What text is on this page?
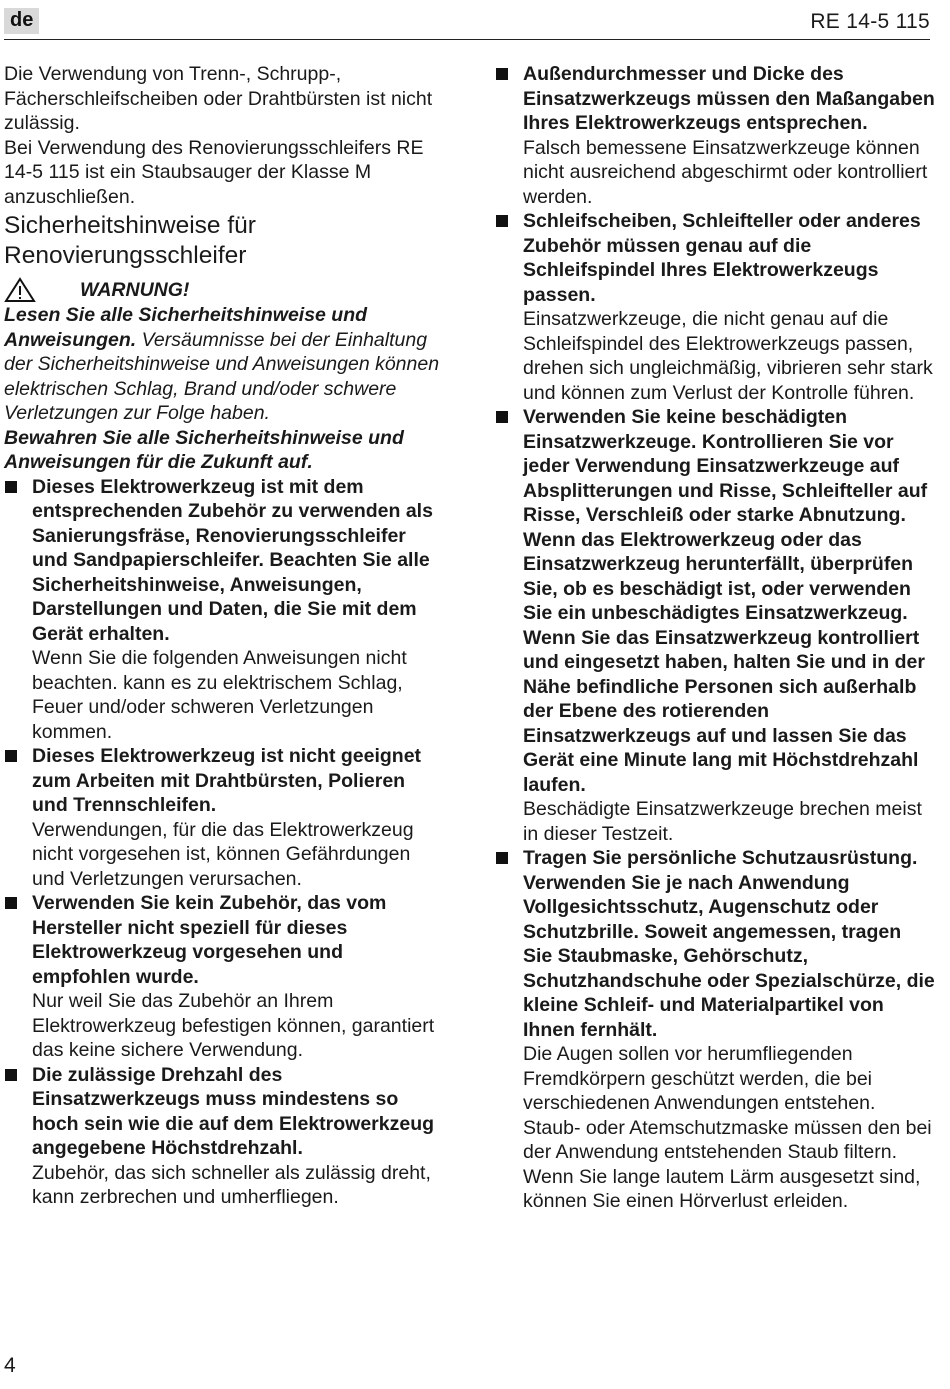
de	RE 14-5 115

Die Verwendung von Trenn-, Schrupp-, Fächerschleifscheiben oder Drahtbürsten ist nicht zulässig.

Bei Verwendung des Renovierungsschleifers RE 14-5 115 ist ein Staubsauger der Klasse M anzuschließen.

Sicherheitshinweise für Renovierungsschleifer
WARNUNG!

Lesen Sie alle Sicherheitshinweise und Anweisungen. Versäumnisse bei der Einhaltung der Sicherheitshinweise und Anweisungen können elektrischen Schlag, Brand und/oder schwere Verletzungen zur Folge haben.

Bewahren Sie alle Sicherheitshinweise und Anweisungen für die Zukunft auf.

Dieses Elektrowerkzeug ist mit dem entsprechenden Zubehör zu verwenden als Sanierungsfräse, Renovierungsschleifer und Sandpapierschleifer. Beachten Sie alle Sicherheitshinweise, Anweisungen, Darstellungen und Daten, die Sie mit dem Gerät erhalten.

Wenn Sie die folgenden Anweisungen nicht beachten. kann es zu elektrischem Schlag, Feuer und/oder schweren Verletzungen kommen.

Dieses Elektrowerkzeug ist nicht geeignet zum Arbeiten mit Drahtbürsten, Polieren und Trennschleifen.

Verwendungen, für die das Elektrowerkzeug nicht vorgesehen ist, können Gefährdungen und Verletzungen verursachen.

Verwenden Sie kein Zubehör, das vom Hersteller nicht speziell für dieses Elektrowerkzeug vorgesehen und empfohlen wurde.

Nur weil Sie das Zubehör an Ihrem Elektrowerkzeug befestigen können, garantiert das keine sichere Verwendung.

Die zulässige Drehzahl des Einsatzwerkzeugs muss mindestens so hoch sein wie die auf dem Elektrowerkzeug angegebene Höchstdrehzahl.

Zubehör, das sich schneller als zulässig dreht, kann zerbrechen und umherfliegen.

Außendurchmesser und Dicke des Einsatzwerkzeugs müssen den Maßangaben Ihres Elektrowerkzeugs entsprechen.

Falsch bemessene Einsatzwerkzeuge können nicht ausreichend abgeschirmt oder kontrolliert werden.

Schleifscheiben, Schleifteller oder anderes Zubehör müssen genau auf die Schleifspindel Ihres Elektrowerkzeugs passen.

Einsatzwerkzeuge, die nicht genau auf die Schleifspindel des Elektrowerkzeugs passen, drehen sich ungleichmäßig, vibrieren sehr stark und können zum Verlust der Kontrolle führen.

Verwenden Sie keine beschädigten Einsatzwerkzeuge. Kontrollieren Sie vor jeder Verwendung Einsatzwerkzeuge auf Absplitterungen und Risse, Schleifteller auf Risse, Verschleiß oder starke Abnutzung. Wenn das Elektrowerkzeug oder das Einsatzwerkzeug herunterfällt, überprüfen Sie, ob es beschädigt ist, oder verwenden Sie ein unbeschädigtes Einsatzwerkzeug. Wenn Sie das Einsatzwerkzeug kontrolliert und eingesetzt haben, halten Sie und in der Nähe befindliche Personen sich außerhalb der Ebene des rotierenden Einsatzwerkzeugs auf und lassen Sie das Gerät eine Minute lang mit Höchstdrehzahl laufen.

Beschädigte Einsatzwerkzeuge brechen meist in dieser Testzeit.

Tragen Sie persönliche Schutzausrüstung. Verwenden Sie je nach Anwendung Vollgesichtsschutz, Augenschutz oder Schutzbrille. Soweit angemessen, tragen Sie Staubmaske, Gehörschutz, Schutzhandschuhe oder Spezialschürze, die kleine Schleif- und Materialpartikel von Ihnen fernhält.

Die Augen sollen vor herumfliegenden Fremdkörpern geschützt werden, die bei verschiedenen Anwendungen entstehen. Staub- oder Atemschutzmaske müssen den bei der Anwendung entstehenden Staub filtern. Wenn Sie lange lautem Lärm ausgesetzt sind, können Sie einen Hörverlust erleiden.

4
